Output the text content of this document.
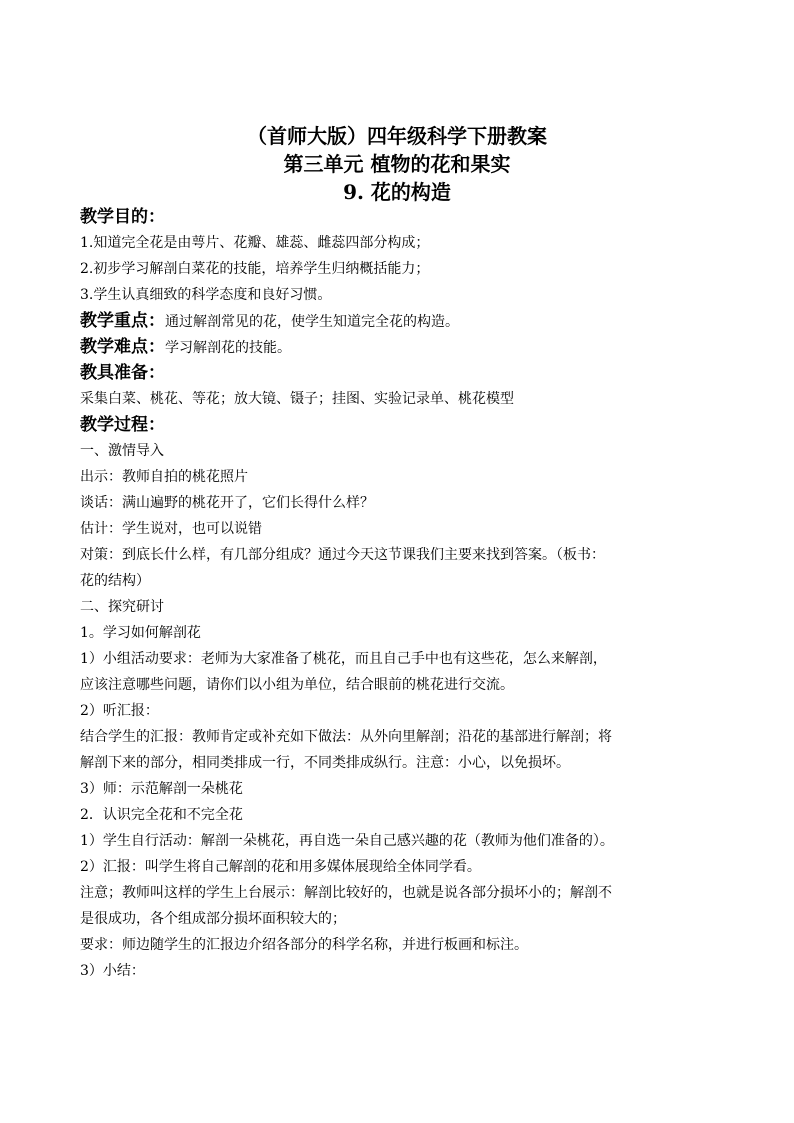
（首师大版）四年级科学下册教案
第三单元 植物的花和果实
9. 花的构造
教学目的：
1.知道完全花是由萼片、花瓣、雄蕊、雌蕊四部分构成；
2.初步学习解剖白菜花的技能，培养学生归纳概括能力；
3.学生认真细致的科学态度和良好习惯。
教学重点：通过解剖常见的花，使学生知道完全花的构造。
教学难点：学习解剖花的技能。
教具准备：
采集白菜、桃花、等花；放大镜、镊子；挂图、实验记录单、桃花模型
教学过程：
一、激情导入
出示：教师自拍的桃花照片
谈话：满山遍野的桃花开了，它们长得什么样？
估计：学生说对，也可以说错
对策：到底长什么样，有几部分组成？通过今天这节课我们主要来找到答案。（板书：
花的结构）
二、探究研讨
1。学习如何解剖花
1）小组活动要求：老师为大家准备了桃花，而且自己手中也有这些花，怎么来解剖，
应该注意哪些问题，请你们以小组为单位，结合眼前的桃花进行交流。
2）听汇报：
结合学生的汇报：教师肯定或补充如下做法：从外向里解剖；沿花的基部进行解剖；将
解剖下来的部分，相同类排成一行，不同类排成纵行。注意：小心，以免损坏。
3）师：示范解剖一朵桃花
2．认识完全花和不完全花
1）学生自行活动：解剖一朵桃花，再自选一朵自己感兴趣的花（教师为他们准备的）。
2）汇报：叫学生将自己解剖的花和用多媒体展现给全体同学看。
注意；教师叫这样的学生上台展示：解剖比较好的，也就是说各部分损坏小的；解剖不
是很成功，各个组成部分损坏面积较大的；
要求：师边随学生的汇报边介绍各部分的科学名称，并进行板画和标注。
3）小结：
